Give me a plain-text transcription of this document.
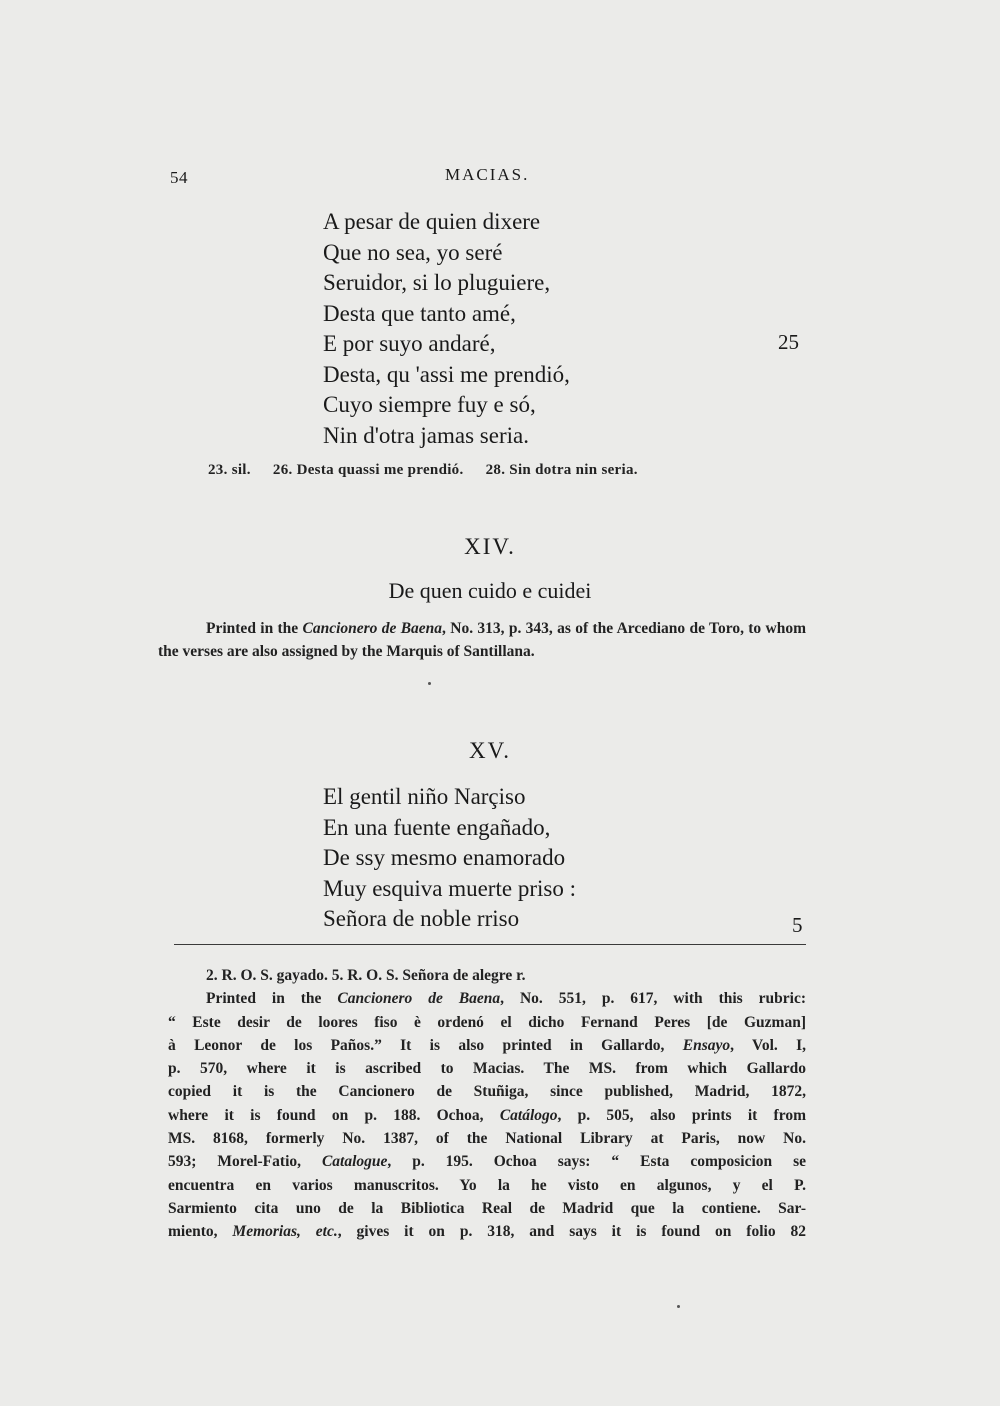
54	MACIAS.
A pesar de quien dixere
Que no sea, yo seré
Seruidor, si lo pluguiere,
Desta que tanto amé,
E por suyo andaré,
Desta, qu 'assi me prendió,
Cuyo siempre fuy e só,
Nin d'otra jamas seria.
25
23. sil. 26. Desta quassi me prendió. 28. Sin dotra nin seria.
XIV.
De quen cuido e cuidei
Printed in the Cancionero de Baena, No. 313, p. 343, as of the Arcediano de Toro, to whom the verses are also assigned by the Marquis of Santillana.
XV.
El gentil niño Narçiso
En una fuente engañado,
De ssy mesmo enamorado
Muy esquiva muerte priso :
Señora de noble rriso	5
2. R. O. S. gayado. 5. R. O. S. Señora de alegre r.
Printed in the Cancionero de Baena, No. 551, p. 617, with this rubric:
“ Este desir de loores fiso è ordenó el dicho Fernand Peres [de Guzman]
à Leonor de los Paños.” It is also printed in Gallardo, Ensayo, Vol. I,
p. 570, where it is ascribed to Macias. The MS. from which Gallardo
copied it is the Cancionero de Stuñiga, since published, Madrid, 1872,
where it is found on p. 188. Ochoa, Catálogo, p. 505, also prints it from
MS. 8168, formerly No. 1387, of the National Library at Paris, now No.
593; Morel-Fatio, Catalogue, p. 195. Ochoa says: “ Esta composicion se
encuentra en varios manuscritos. Yo la he visto en algunos, y el P.
Sarmiento cita uno de la Bibliotica Real de Madrid que la contiene. Sar-
miento, Memorias, etc., gives it on p. 318, and says it is found on folio 82
